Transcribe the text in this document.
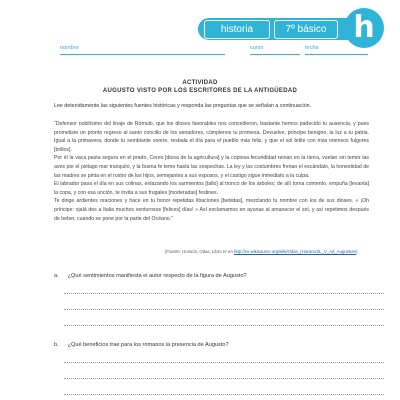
historia	7º básico h
nombre	curso	fecha
ACTIVIDAD
AUGUSTO VISTO POR LOS ESCRITORES DE LA ANTIGÜEDAD
Lee detenidamente las siguientes fuentes históricas y responda las preguntas que se señalan a continuación.

“Defensor nobilísimo del linaje de Rómulo, que los dioses favorables nos concedieron, bastante hemos padecido tu ausencia, y pues prometiste un pronto regreso al santo concilio de los senadores, cúmplenos tu promesa. Devuelve, príncipe benigno, la luz a tu patria. Igual a la primavera, donde tu semblante sonríe, resbala el día para el pueblo más feliz, y que el sol brille con más intensos fulgores [brillos].

Por él la vaca pasta segura en el prado, Ceres [diosa de la agricultura] y la copiosa fecundidad reinan en la tierra, vuelan sin temor las aves por el piélago mar tranquilo, y la buena fe teme hasta las sospechas. La ley y las costumbres frenan el escándalo, la honestidad de las madres se pinta en el rostro de los hijos, semejantes a sus esposos, y el castigo sigue inmediato a la culpa.

El labrador pasa el día en sus colinas, enlazando los sarmientos [tallo] al tronco de los árboles; de allí torna contento, empuña [levanta] la copa, y con esa unción, te invita a sus frugales [moderadas] festines.

Te dirige ardientes oraciones y hace en tu honor repetidas libaciones [bebidas], mezclando tu nombre con los de sus dioses. « ¡Oh príncipe: ojalá des a Italia muchos venturosos [felices] días! » Así exclamamos en ayunas al amanecer el sol, y así repetimos después de beber, cuando se pone por la parte del Océano.”

(Fuente: Horacio, Odas, Libro IV en http://es.wikisource.org/wiki/Odas_(Horacio)/L_V_Ad_Augustum)
a. ¿Qué sentimientos manifiesta el autor respecto de la figura de Augusto?
b. ¿Qué beneficios trae para los romanos la presencia de Augusto?
